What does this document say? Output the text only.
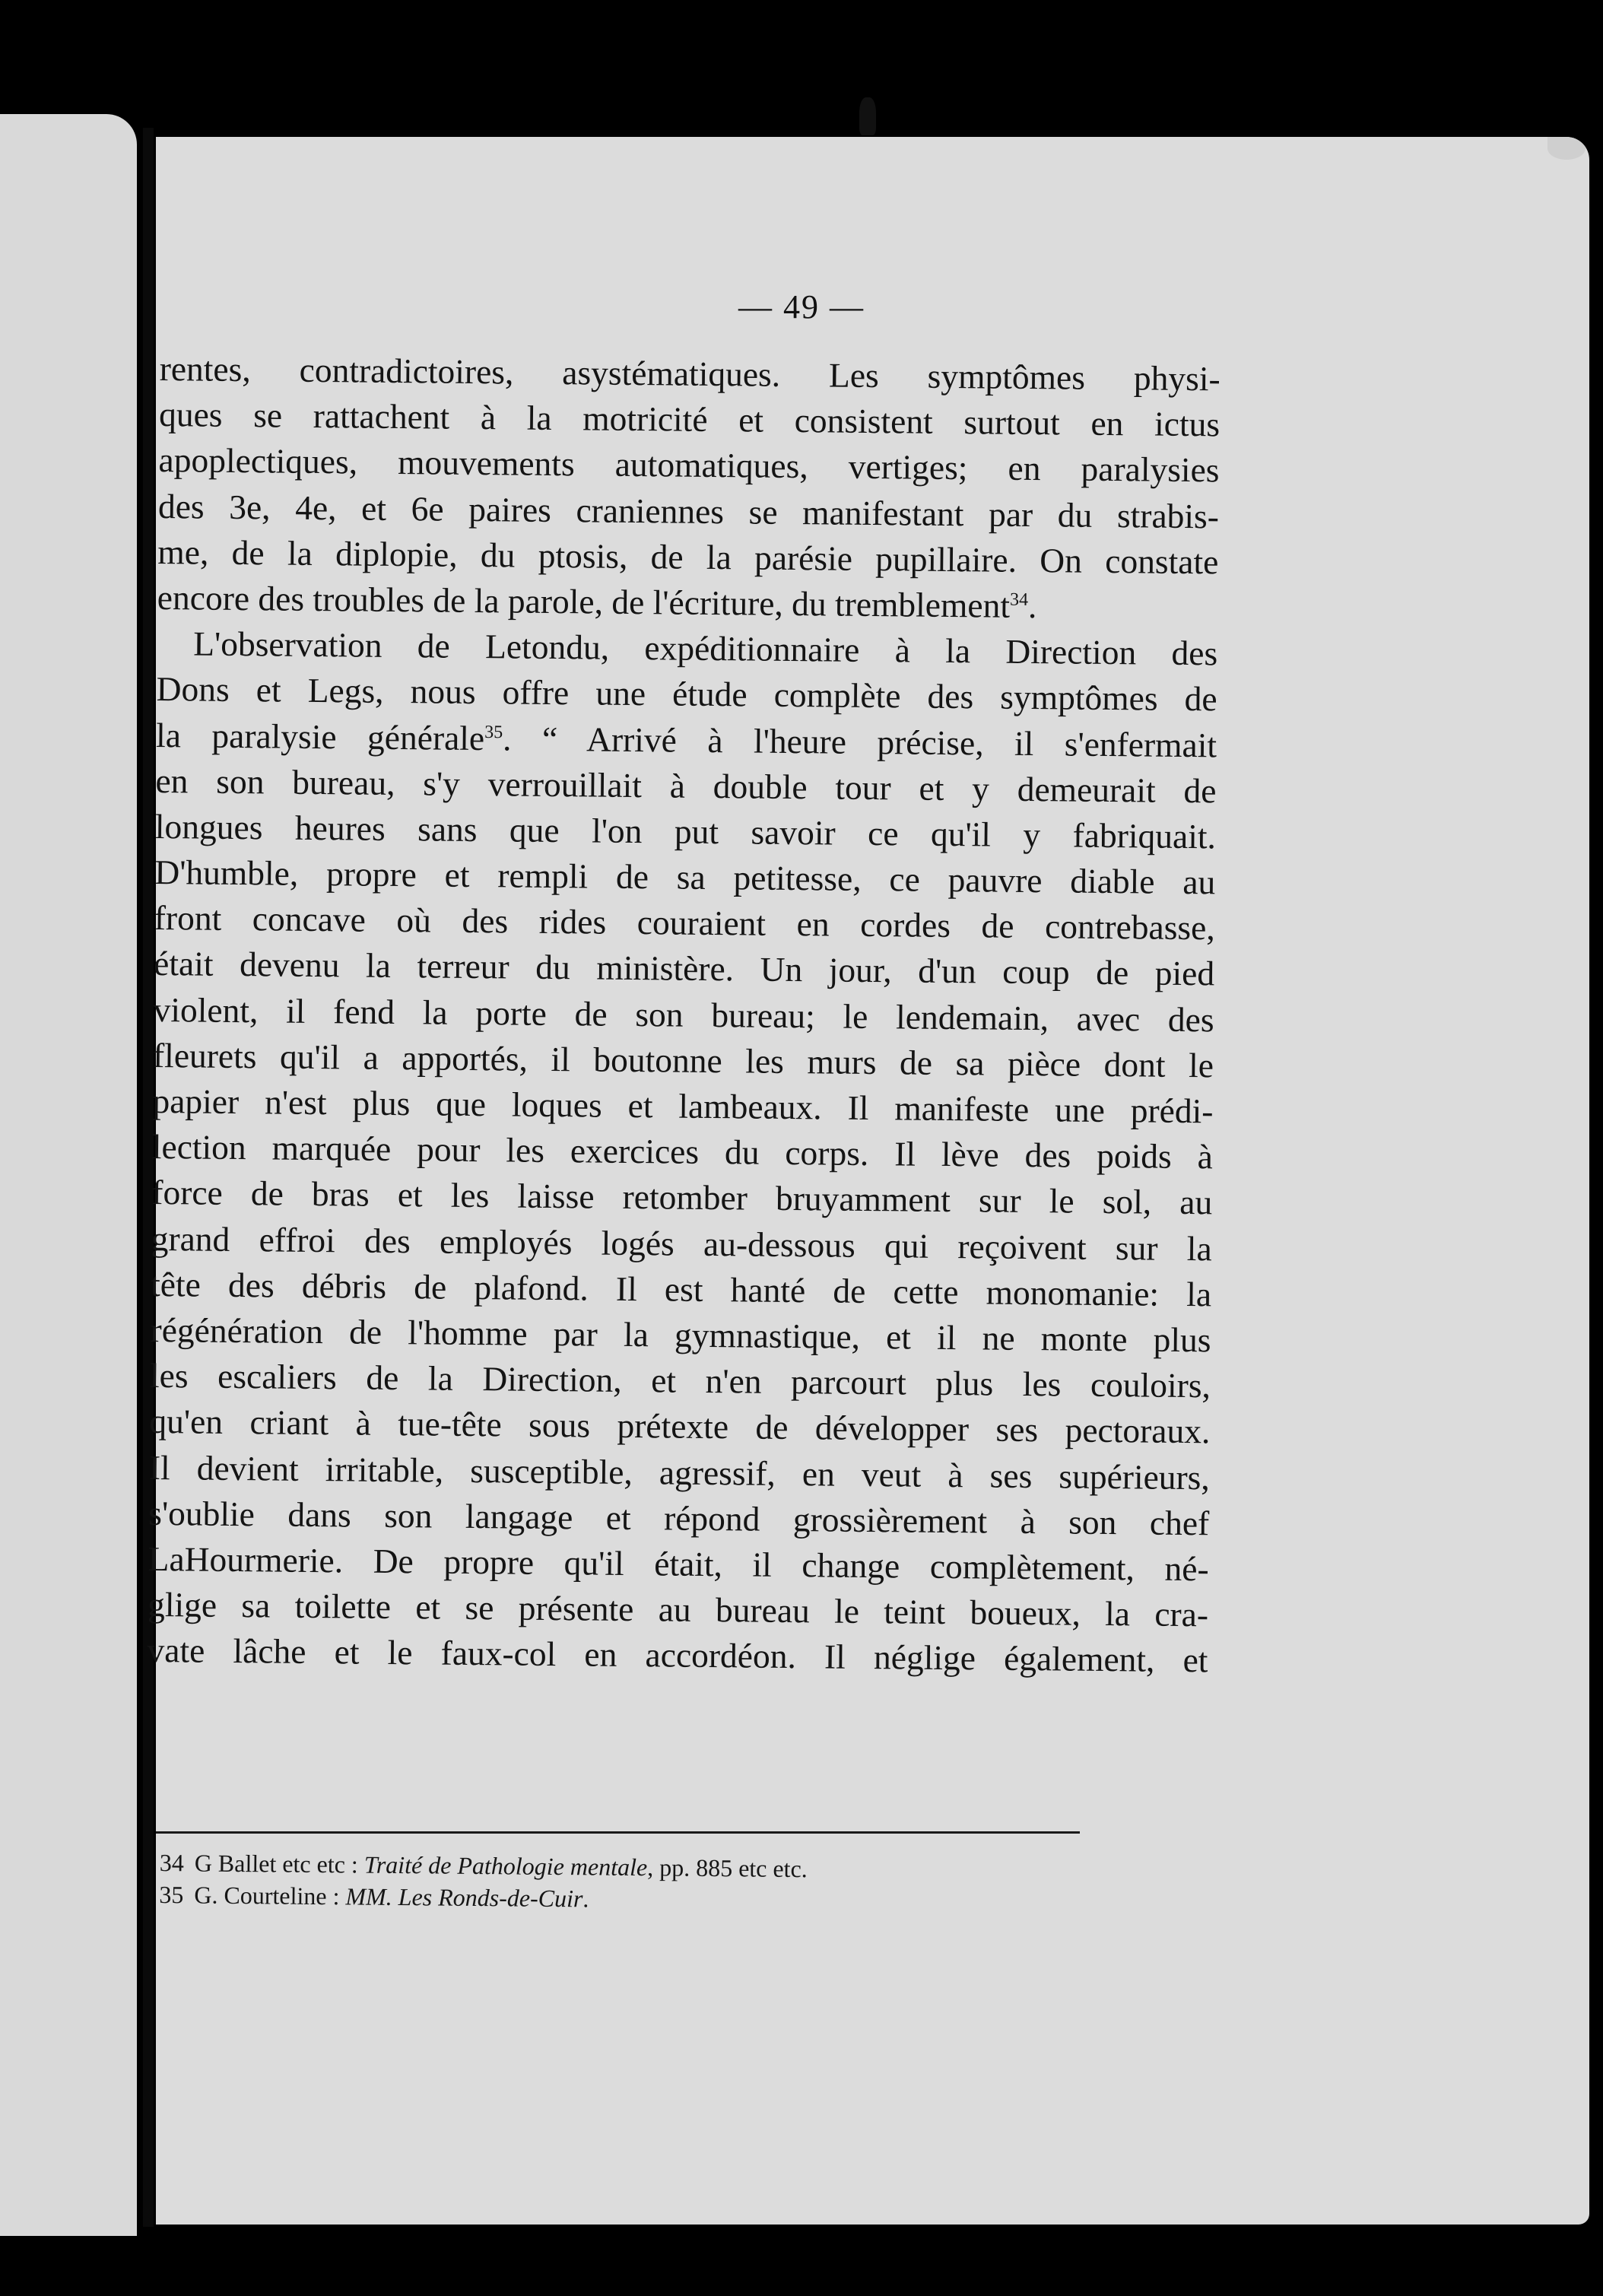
— 49 —
rentes, contradictoires, asystématiques. Les symptômes physi-
ques se rattachent à la motricité et consistent surtout en ictus
apoplectiques, mouvements automatiques, vertiges; en paralysies
des 3e, 4e, et 6e paires craniennes se manifestant par du strabis-
me, de la diplopie, du ptosis, de la parésie pupillaire. On constate
encore des troubles de la parole, de l'écriture, du tremblement$^{34}$.
L'observation de Letondu, expéditionnaire à la Direction des
Dons et Legs, nous offre une étude complète des symptômes de
la paralysie générale$^{35}$. “ Arrivé à l'heure précise, il s'enfermait
en son bureau, s'y verrouillait à double tour et y demeurait de
longues heures sans que l'on put savoir ce qu'il y fabriquait.
D'humble, propre et rempli de sa petitesse, ce pauvre diable au
front concave où des rides couraient en cordes de contrebasse,
était devenu la terreur du ministère. Un jour, d'un coup de pied
violent, il fend la porte de son bureau; le lendemain, avec des
fleurets qu'il a apportés, il boutonne les murs de sa pièce dont le
papier n'est plus que loques et lambeaux. Il manifeste une prédi-
lection marquée pour les exercices du corps. Il lève des poids à
force de bras et les laisse retomber bruyamment sur le sol, au
grand effroi des employés logés au-dessous qui reçoivent sur la
tête des débris de plafond. Il est hanté de cette monomanie: la
régénération de l'homme par la gymnastique, et il ne monte plus
les escaliers de la Direction, et n'en parcourt plus les couloirs,
qu'en criant à tue-tête sous prétexte de développer ses pectoraux.
Il devient irritable, susceptible, agressif, en veut à ses supérieurs,
s'oublie dans son langage et répond grossièrement à son chef
LaHourmerie. De propre qu'il était, il change complètement, né-
glige sa toilette et se présente au bureau le teint boueux, la cra-
vate lâche et le faux-col en accordéon. Il néglige également, et
34 G Ballet etc etc : Traité de Pathologie mentale, pp. 885 etc etc.
35 G. Courteline : MM. Les Ronds-de-Cuir.
